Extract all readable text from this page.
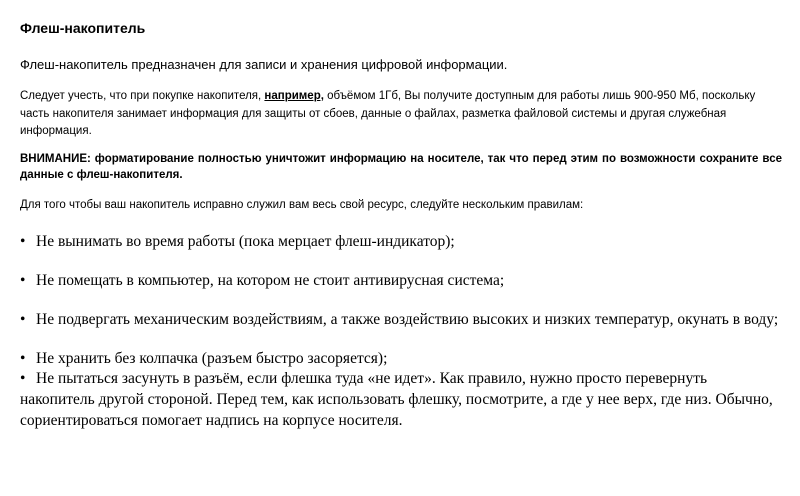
Флеш-накопитель

Флеш-накопитель предназначен для записи и хранения цифровой информации.

Следует учесть, что при покупке накопителя, например, объёмом 1Гб, Вы получите доступным для работы лишь 900-950 Мб, поскольку часть накопителя занимает информация для защиты от сбоев, данные о файлах, разметка файловой системы и другая служебная информация.

ВНИМАНИЕ: форматирование полностью уничтожит информацию на носителе, так что перед этим по возможности сохраните все данные с флеш-накопителя.

Для того чтобы ваш накопитель исправно служил вам весь свой ресурс, следуйте нескольким правилам:

• Не вынимать во время работы (пока мерцает флеш-индикатор);

• Не помещать в компьютер, на котором не стоит антивирусная система;

• Не подвергать механическим воздействиям, а также воздействию высоких и низких температур, окунать в воду;

• Не хранить без колпачка (разъем быстро засоряется);

• Не пытаться засунуть в разъём, если флешка туда «не идет». Как правило, нужно просто перевернуть
накопитель другой стороной. Перед тем, как использовать флешку, посмотрите, а где у нее верх, где низ. Обычно, сориентироваться помогает надпись на корпусе носителя.
